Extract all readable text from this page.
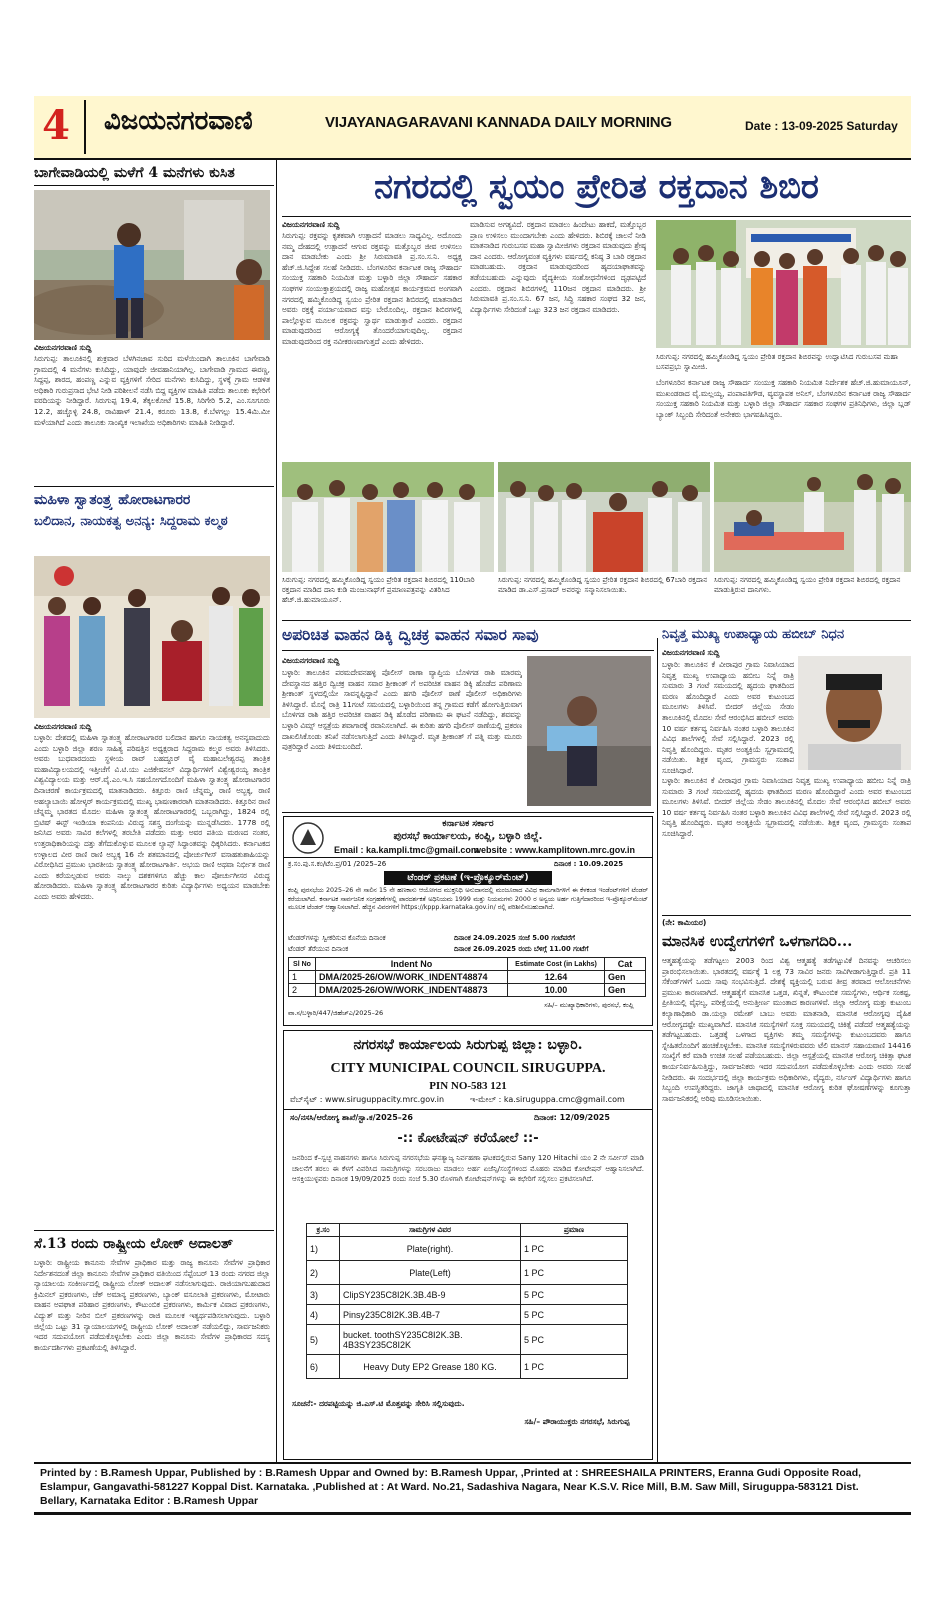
4 ವಿಜಯನಗರವಾಣಿ	VIJAYANAGARAVANI KANNADA DAILY MORNING	Date : 13-09-2025 Saturday
ಬಾಗೇವಾಡಿಯಲ್ಲಿ ಮಳೆಗೆ 4 ಮನೆಗಳು ಕುಸಿತ
ವಿಜಯನಗರವಾಣಿ ಸುದ್ದಿ
ಸಿರುಗುಪ್ಪ: ತಾಲೂಕಿನಲ್ಲಿ ಶುಕ್ರವಾರ ಬೆಳಗಿನಜಾವ ಸುರಿದ ಮಳೆಯಿಂದಾಗಿ ತಾಲೂಕಿನ ಬಾಗೇವಾಡಿ ಗ್ರಾಮದಲ್ಲಿ 4 ಮನೆಗಳು ಕುಸಿದಿದ್ದು, ಯಾವುದೇ ಜೀವಹಾನಿಯಾಗಿಲ್ಲ. ಬಾಗೇವಾಡಿ ಗ್ರಾಮದ ಈರಣ್ಣ, ಸಿದ್ದಪ್ಪ, ಶಾರದ, ಹಂಪಣ್ಣ ಎನ್ನುವ ವ್ಯಕ್ತಿಗಳಿಗೆ ಸೇರಿದ ಮನೆಗಳು ಕುಸಿದಿದ್ದು, ಸ್ಥಳಕ್ಕೆ ಗ್ರಾಮ ಆಡಳಿತ ಅಧಿಕಾರಿ ಗುರುಪ್ರಸಾದ ಭೇಟಿ ನೀಡಿ ಪರಿಶೀಲನೆ ನಡೆಸಿ ಬಿದ್ದ ವ್ಯಕ್ತಿಗಳ ಮಾಹಿತಿ ಪಡೆದು ತಾಲೂಕು ಕಛೇರಿಗೆ ವರದಿಯನ್ನು ನೀಡಿದ್ದಾರೆ. ಸಿರುಗುಪ್ಪ 19.4, ತೆಕ್ಕಲಕೋಟೆ 15.8, ಸಿರಿಗೇರಿ 5.2, ಎಂ.ಸೂಗೂರು 12.2, ಹಚ್ಚೊಳ್ಳಿ 24.8, ರಾವಿಹಾಳ್ 21.4, ಕರೂರು 13.8, ಕೆ.ಬೆಳಗಲ್ಲು 15.4ಮಿ.ಮೀ ಮಳೆಯಾಗಿದೆ ಎಂದು ತಾಲೂಕು ಸಾಂಖ್ಯಿಕ ಇಲಾಖೆಯ ಅಧಿಕಾರಿಗಳು ಮಾಹಿತಿ ನೀಡಿದ್ದಾರೆ.
ಮಹಿಳಾ ಸ್ವಾತಂತ್ರ್ಯ ಹೋರಾಟಗಾರರ
ಬಲಿದಾನ, ನಾಯಕತ್ವ ಅನನ್ಯ: ಸಿದ್ದರಾಮ ಕಲ್ಮಠ
ವಿಜಯನಗರವಾಣಿ ಸುದ್ದಿ
ಬಳ್ಳಾರಿ: ದೇಶದಲ್ಲಿ ಮಹಿಳಾ ಸ್ವಾತಂತ್ರ್ಯ ಹೋರಾಟಗಾರರ ಬಲಿದಾನ ಹಾಗೂ ನಾಯಕತ್ವ ಅನನ್ಯವಾದುದು ಎಂದು ಬಳ್ಳಾರಿ ಜಿಲ್ಲಾ ಶರಣ ಸಾಹಿತ್ಯ ಪರಿಷತ್ತಿನ ಅಧ್ಯಕ್ಷರಾದ ಸಿದ್ದರಾಮ ಕಲ್ಮಠ ಅವರು ತಿಳಿಸಿದರು. ಅವರು ಬುಧವಾರದಂದು ಸ್ಥಳೀಯ ರಾವ್ ಬಹದ್ದೂರ್ ವೈ ಮಹಾಬಲೇಶ್ವರಪ್ಪ ತಾಂತ್ರಿಕ ಮಹಾವಿದ್ಯಾಲಯದಲ್ಲಿ ಇತ್ತೀಚೆಗೆ ವಿ.ಟಿ.ಯು ಎಜಿಕೇಷನಲ್ ವಿದ್ಯಾರ್ಥಿಗಳಿಗೆ ವಿಶ್ವೇಶ್ವರಯ್ಯ ತಾಂತ್ರಿಕ ವಿಶ್ವವಿದ್ಯಾಲಯ ಮತ್ತು ಆರ್.ವೈ.ಎಂ.ಇ.ಸಿ ಸಹಯೋಗದೊಂದಿಗೆ ಮಹಿಳಾ ಸ್ವಾತಂತ್ರ್ಯ ಹೋರಾಟಗಾರರ ದಿನಾಚರಣೆ ಕಾರ್ಯಕ್ರಮದಲ್ಲಿ ಮಾತನಾಡಿದರು. ಕಿತ್ತೂರು ರಾಣಿ ಚೆನ್ನಮ್ಮ, ರಾಣಿ ಅಬ್ಬಕ್ಕ, ರಾಣಿ ಅಹಲ್ಯಾಬಾಯಿ ಹೋಳ್ಕರ್ ಕಾರ್ಯಕ್ರಮದಲ್ಲಿ ಮುಖ್ಯ ಭಾಷಣಕಾರರಾಗಿ ಮಾತನಾಡಿದರು. ಕಿತ್ತೂರಿನ ರಾಣಿ ಚೆನ್ನಮ್ಮ ಭಾರತದ ಮೊದಲ ಮಹಿಳಾ ಸ್ವಾತಂತ್ರ್ಯ ಹೋರಾಟಗಾರರಲ್ಲಿ ಒಬ್ಬರಾಗಿದ್ದು, 1824 ರಲ್ಲಿ ಬ್ರಿಟಿಷ್ ಈಸ್ಟ್ ಇಂಡಿಯಾ ಕಂಪನಿಯ ವಿರುದ್ಧ ಸಶಸ್ತ್ರ ದಂಗೆಯನ್ನು ಮುನ್ನಡೆಸಿದರು. 1778 ರಲ್ಲಿ ಜನಿಸಿದ ಅವರು ಸಾವಿರ ಕಲೆಗಳಲ್ಲಿ ತರಬೇತಿ ಪಡೆದರು ಮತ್ತು ಅವರ ಪತಿಯ ಮರಣದ ನಂತರ, ಉತ್ತರಾಧಿಕಾರಿಯನ್ನು ದತ್ತು ತೆಗೆದುಕೊಳ್ಳುವ ಮೂಲಕ ಲ್ಯಾಪ್ಸ್ ಸಿದ್ಧಾಂತವನ್ನು ಧಿಕ್ಕರಿಸಿದರು. ಕರ್ನಾಟಕದ ಉಳ್ಳಾಲದ ವೀರ ರಾಣಿ ರಾಣಿ ಅಬ್ಬಕ್ಕ 16 ನೇ ಶತಮಾನದಲ್ಲಿ ಪೋರ್ಚುಗೀಸ್ ವಸಾಹತುಶಾಹಿಯನ್ನು ವಿರೋಧಿಸಿದ ಪ್ರಮುಖ ಭಾರತೀಯ ಸ್ವಾತಂತ್ರ್ಯ ಹೋರಾಟಗಾರ್ತಿ. ಅಭಯ ರಾಣಿ ಅಥವಾ ನಿರ್ಭೀತ ರಾಣಿ ಎಂದು ಕರೆಯಲ್ಪಡುವ ಅವರು ನಾಲ್ಕು ದಶಕಗಳಿಗೂ ಹೆಚ್ಚು ಕಾಲ ಪೋರ್ಚುಗೀಸರ ವಿರುದ್ಧ ಹೋರಾಡಿದರು. ಮಹಿಳಾ ಸ್ವಾತಂತ್ರ್ಯ ಹೋರಾಟಗಾರರ ಕುರಿತು ವಿದ್ಯಾರ್ಥಿಗಳು ಅಧ್ಯಯನ ಮಾಡಬೇಕು ಎಂದು ಅವರು ಹೇಳಿದರು.
ಸೆ.13 ರಂದು ರಾಷ್ಟ್ರೀಯ ಲೋಕ್ ಅದಾಲತ್
ಬಳ್ಳಾರಿ: ರಾಷ್ಟ್ರೀಯ ಕಾನೂನು ಸೇವೆಗಳ ಪ್ರಾಧಿಕಾರ ಮತ್ತು ರಾಜ್ಯ ಕಾನೂನು ಸೇವೆಗಳ ಪ್ರಾಧಿಕಾರ ನಿರ್ದೇಶನದಂತೆ ಜಿಲ್ಲಾ ಕಾನೂನು ಸೇವೆಗಳ ಪ್ರಾಧಿಕಾರ ವತಿಯಿಂದ ಸೆಪ್ಟೆಂಬರ್ 13 ರಂದು ನಗರದ ಜಿಲ್ಲಾ ನ್ಯಾಯಾಲಯ ಸಂಕೀರ್ಣದಲ್ಲಿ ರಾಷ್ಟ್ರೀಯ ಲೋಕ್ ಅದಾಲತ್ ನಡೆಸಲಾಗುವುದು. ರಾಜಿಯಾಗಬಹುದಾದ ಕ್ರಿಮಿನಲ್ ಪ್ರಕರಣಗಳು, ಚೆಕ್ ಅಮಾನ್ಯ ಪ್ರಕರಣಗಳು, ಬ್ಯಾಂಕ್ ವಸೂಲಾತಿ ಪ್ರಕರಣಗಳು, ಮೋಟಾರು ವಾಹನ ಅಪಘಾತ ಪರಿಹಾರ ಪ್ರಕರಣಗಳು, ಕೌಟುಂಬಿಕ ಪ್ರಕರಣಗಳು, ಕಾರ್ಮಿಕ ವಿವಾದ ಪ್ರಕರಣಗಳು, ವಿದ್ಯುತ್ ಮತ್ತು ನೀರಿನ ಬಿಲ್ ಪ್ರಕರಣಗಳನ್ನು ರಾಜಿ ಮೂಲಕ ಇತ್ಯರ್ಥಪಡಿಸಲಾಗುವುದು. ಬಳ್ಳಾರಿ ಜಿಲ್ಲೆಯ ಒಟ್ಟು 31 ನ್ಯಾಯಾಲಯಗಳಲ್ಲಿ ರಾಷ್ಟ್ರೀಯ ಲೋಕ್ ಅದಾಲತ್ ನಡೆಯಲಿದ್ದು, ಸಾರ್ವಜನಿಕರು ಇದರ ಸದುಪಯೋಗ ಪಡೆದುಕೊಳ್ಳಬೇಕು ಎಂದು ಜಿಲ್ಲಾ ಕಾನೂನು ಸೇವೆಗಳ ಪ್ರಾಧಿಕಾರದ ಸದಸ್ಯ ಕಾರ್ಯದರ್ಶಿಗಳು ಪ್ರಕಟಣೆಯಲ್ಲಿ ತಿಳಿಸಿದ್ದಾರೆ.
ನಗರದಲ್ಲಿ ಸ್ವಯಂ ಪ್ರೇರಿತ ರಕ್ತದಾನ ಶಿಬಿರ
ವಿಜಯನಗರವಾಣಿ ಸುದ್ದಿ
ಸಿರುಗುಪ್ಪ: ರಕ್ತವನ್ನು ಕೃತಕವಾಗಿ ಉತ್ಪಾದನೆ ಮಾಡಲು ಸಾಧ್ಯವಿಲ್ಲ. ಅದೊಂದು ನಮ್ಮ ದೇಹದಲ್ಲಿ ಉತ್ಪಾದನೆ ಆಗುವ ರಕ್ತವನ್ನು ಮತ್ತೊಬ್ಬರ ಜೀವ ಉಳಿಸಲು ದಾನ ಮಾಡಬೇಕು ಎಂದು ಶ್ರೀ ಸಿರುಮಾವತಿ ಪ್ರ.ಸಂ.ಸ.ನಿ. ಅಧ್ಯಕ್ಷ ಹೆಚ್.ಜಿ.ಸಿದ್ದೇಶ ಸಲಹೆ ನೀಡಿದರು. ಬೆಂಗಳೂರಿನ ಕರ್ನಾಟಕ ರಾಜ್ಯ ಸೌಹಾರ್ದ ಸಂಯುಕ್ತ ಸಹಕಾರಿ ನಿಯಮಿತ ಮತ್ತು ಬಳ್ಳಾರಿ ಜಿಲ್ಲಾ ಸೌಹಾರ್ದ ಸಹಕಾರ ಸಂಘಗಳ ಸಂಯುಕ್ತಾಶ್ರಯದಲ್ಲಿ ರಾಜ್ಯ ಮಹೋತ್ಸವ ಕಾರ್ಯಕ್ರಮದ ಅಂಗವಾಗಿ ನಗರದಲ್ಲಿ ಹಮ್ಮಿಕೊಂಡಿದ್ದ ಸ್ವಯಂ ಪ್ರೇರಿತ ರಕ್ತದಾನ ಶಿಬಿರದಲ್ಲಿ ಮಾತನಾಡಿದ ಅವರು ರಕ್ತಕ್ಕೆ ಪರ್ಯಾಯವಾದ ವಸ್ತು ಬೇರೊಂದಿಲ್ಲ. ರಕ್ತದಾನ ಶಿಬಿರಗಳಲ್ಲಿ ಪಾಲ್ಗೊಳ್ಳುವ ಮೂಲಕ ರಕ್ತವನ್ನು ಸ್ವಾರ್ಥ ಮಾಡುತ್ತಾರೆ ಎಂದರು. ರಕ್ತದಾನ ಮಾಡುವುದರಿಂದ ಆರೋಗ್ಯಕ್ಕೆ ತೊಂದರೆಯಾಗುವುದಿಲ್ಲ. ರಕ್ತದಾನ ಮಾಡುವುದರಿಂದ ರಕ್ತ ನವೀಕರಣವಾಗುತ್ತದೆ ಎಂದು ಹೇಳಿದರು.
ಮಾಡಿಸುವ ಅಗತ್ಯವಿದೆ. ರಕ್ತದಾನ ಮಾಡಲು ಹಿಂದೇಟು ಹಾಕದೆ, ಮತ್ತೊಬ್ಬರ ಪ್ರಾಣ ಉಳಿಸಲು ಮುಂದಾಗಬೇಕು ಎಂದು ಹೇಳಿದರು. ಶಿಬಿರಕ್ಕೆ ಚಾಲನೆ ನೀಡಿ ಮಾತನಾಡಿದ ಗುರುಬಸವ ಮಹಾ ಸ್ವಾಮೀಜಿಗಳು ರಕ್ತದಾನ ಮಾಡುವುದು ಶ್ರೇಷ್ಠ ದಾನ ಎಂದರು. ಆರೋಗ್ಯವಂತ ವ್ಯಕ್ತಿಗಳು ವರ್ಷದಲ್ಲಿ ಕನಿಷ್ಠ 3 ಬಾರಿ ರಕ್ತದಾನ ಮಾಡಬಹುದು. ರಕ್ತದಾನ ಮಾಡುವುದರಿಂದ ಹೃದಯಾಘಾತವನ್ನು ತಡೆಯಬಹುದು ಎನ್ನುವುದು ವೈದ್ಯಕೀಯ ಸಂಶೋಧನೆಗಳಿಂದ ದೃಢಪಟ್ಟಿದೆ ಎಂದರು. ರಕ್ತದಾನ ಶಿಬಿರಗಳಲ್ಲಿ 110ಜನ ರಕ್ತದಾನ ಮಾಡಿದರು. ಶ್ರೀ ಸಿರುಮಾವತಿ ಪ್ರ.ಸಂ.ಸ.ನಿ. 67 ಜನ, ಸಿದ್ಧಿ ಸಹಕಾರ ಸಂಘದ 32 ಜನ, ವಿದ್ಯಾರ್ಥಿಗಳು ಸೇರಿದಂತೆ ಒಟ್ಟು 323 ಜನ ರಕ್ತದಾನ ಮಾಡಿದರು.
ಸಿರುಗುಪ್ಪ: ನಗರದಲ್ಲಿ ಹಮ್ಮಿಕೊಂಡಿದ್ದ ಸ್ವಯಂ ಪ್ರೇರಿತ ರಕ್ತದಾನ ಶಿಬಿರವನ್ನು ಉದ್ಘಾಟಿಸಿದ ಗುರುಬಸವ ಮಹಾ ಬಸವಪ್ರಭು ಸ್ವಾಮೀಜಿ.
ಬೆಂಗಳೂರಿನ ಕರ್ನಾಟಕ ರಾಜ್ಯ ಸೌಹಾರ್ದ ಸಂಯುಕ್ತ ಸಹಕಾರಿ ನಿಯಮಿತ ನಿರ್ದೇಶಕ ಹೆಚ್.ಜಿ.ಹುಮಾಯೂನ್, ಮುಖಂಡರಾದ ವೈ.ಮಲ್ಲಯ್ಯ, ಪಂಪಾಪತಿಗೌಡ, ವ್ಯವಸ್ಥಾಪಕ ಅನಿಲ್, ಬೆಂಗಳೂರಿನ ಕರ್ನಾಟಕ ರಾಜ್ಯ ಸೌಹಾರ್ದ ಸಂಯುಕ್ತ ಸಹಕಾರಿ ನಿಯಮಿತ ಮತ್ತು ಬಳ್ಳಾರಿ ಜಿಲ್ಲಾ ಸೌಹಾರ್ದ ಸಹಕಾರ ಸಂಘಗಳ ಪ್ರತಿನಿಧಿಗಳು, ಜಿಲ್ಲಾ ಬ್ಲಡ್ ಬ್ಯಾಂಕ್ ಸಿಬ್ಬಂದಿ ಸೇರಿದಂತೆ ಅನೇಕರು ಭಾಗವಹಿಸಿದ್ದರು.
ಸಿರುಗುಪ್ಪ: ನಗರದಲ್ಲಿ ಹಮ್ಮಿಕೊಂಡಿದ್ದ ಸ್ವಯಂ ಪ್ರೇರಿತ ರಕ್ತದಾನ ಶಿಬಿರದಲ್ಲಿ 110ಬಾರಿ ರಕ್ತದಾನ ಮಾಡಿದ ದಾನಿ ಕುಡಿ ಮಂಜುನಾಥ್‌ಗೆ ಪ್ರಮಾಣಪತ್ರವನ್ನು ವಿತರಿಸಿದ ಹೆಚ್.ಜಿ.ಹುಮಾಯೂನ್.
ಸಿರುಗುಪ್ಪ: ನಗರದಲ್ಲಿ ಹಮ್ಮಿಕೊಂಡಿದ್ದ ಸ್ವಯಂ ಪ್ರೇರಿತ ರಕ್ತದಾನ ಶಿಬಿರದಲ್ಲಿ 67ಬಾರಿ ರಕ್ತದಾನ ಮಾಡಿದ ಡಾ.ಎಸ್.ಪ್ರಸಾದ್ ಅವರನ್ನು ಸನ್ಮಾನಿಸಲಾಯಿತು.
ಸಿರುಗುಪ್ಪ: ನಗರದಲ್ಲಿ ಹಮ್ಮಿಕೊಂಡಿದ್ದ ಸ್ವಯಂ ಪ್ರೇರಿತ ರಕ್ತದಾನ ಶಿಬಿರದಲ್ಲಿ ರಕ್ತದಾನ ಮಾಡುತ್ತಿರುವ ದಾನಿಗಳು.
ಅಪರಿಚಿತ ವಾಹನ ಡಿಕ್ಕಿ ದ್ವಿಚಕ್ರ ವಾಹನ ಸವಾರ ಸಾವು
ವಿಜಯನಗರವಾಣಿ ಸುದ್ದಿ
ಬಳ್ಳಾರಿ: ತಾಲೂಕಿನ ಪರಮದೇವನಹಳ್ಳಿ ಪೊಲೀಸ್ ಠಾಣಾ ವ್ಯಾಪ್ತಿಯ ಬೊಳಿಗಡ ರಾಶಿ ಮಾರಮ್ಮ ದೇವಸ್ಥಾನದ ಹತ್ತಿರ ದ್ವಿಚಕ್ರ ವಾಹನ ಸವಾರ ಶ್ರೀಕಾಂತ್ ಗೆ ಅಪರಿಚಿತ ವಾಹನ ಡಿಕ್ಕಿ ಹೊಡೆದ ಪರಿಣಾಮ ಶ್ರೀಕಾಂತ್ ಸ್ಥಳದಲ್ಲಿಯೇ ಸಾವನ್ನಪ್ಪಿದ್ದಾನೆ ಎಂದು ಹಗರಿ ಪೊಲೀಸ್ ಠಾಣೆ ಪೊಲೀಸ್ ಅಧಿಕಾರಿಗಳು ತಿಳಿಸಿದ್ದಾರೆ. ಮೊನ್ನೆ ರಾತ್ರಿ 11ಗಂಟೆ ಸಮಯದಲ್ಲಿ ಬಳ್ಳಾರಿಯಿಂದ ತನ್ನ ಗ್ರಾಮದ ಕಡೆಗೆ ಹೋಗುತ್ತಿರುವಾಗ ಬೊಳಿಗಡ ರಾಶಿ ಹತ್ತಿರ ಅಪರಿಚಿತ ವಾಹನ ಡಿಕ್ಕಿ ಹೊಡೆದ ಪರಿಣಾಮ ಈ ಘಟನೆ ನಡೆದಿದ್ದು, ಶವವನ್ನು ಬಳ್ಳಾರಿ ವಿಮ್ಸ್ ಆಸ್ಪತ್ರೆಯ ಶವಾಗಾರಕ್ಕೆ ರವಾನಿಸಲಾಗಿದೆ. ಈ ಕುರಿತು ಹಗರಿ ಪೊಲೀಸ್ ಠಾಣೆಯಲ್ಲಿ ಪ್ರಕರಣ ದಾಖಲಿಸಿಕೊಂಡು ತನಿಖೆ ನಡೆಸಲಾಗುತ್ತಿದೆ ಎಂದು ತಿಳಿಸಿದ್ದಾರೆ. ಮೃತ ಶ್ರೀಕಾಂತ್ ಗೆ ಪತ್ನಿ ಮತ್ತು ಮೂರು ಪುತ್ರರಿದ್ದಾರೆ ಎಂದು ತಿಳಿದುಬಂದಿದೆ.
ಕರ್ನಾಟಕ ಸರ್ಕಾರ
ಪುರಸಭೆ ಕಾರ್ಯಾಲಯ, ಕಂಪ್ಲಿ, ಬಳ್ಳಾರಿ ಜಿಲ್ಲೆ.
Email : ka.kampli.tmc@gmail.com
website : www.kamplitown.mrc.gov.in
ಕ್ರ.ಸಂ.ಪು.ಸ.ಕಂ/ಟೆಂ.ಪ್ರ/01 /2025–26	ದಿನಾಂಕ : 10.09.2025
ಟೆಂಡರ್ ಪ್ರಕಟಣೆ (ಇ-ಪ್ರೊಕ್ಯೂರ್‌ಮೆಂಟ್)
ಕಂಪ್ಲಿ ಪುರಸಭೆಯ 2025–26 ನೇ ಸಾಲಿನ 15 ನೇ ಹಣಕಾಸು ಆಯೋಗದ ಮುಕ್ತನಿಧಿ ಅನುದಾನದಲ್ಲಿ ಮಂಜೂರಾದ ವಿವಿಧ ಕಾಮಗಾರಿಗಳಿಗೆ ಈ ಕೆಳಕಂಡ ಇಂಡೆಂಟ್‌ಗಳಿಗೆ ಟೆಂಡರ್ ಕರೆಯಲಾಗಿದೆ. ಕರ್ನಾಟಕ ಸಾರ್ವಜನಿಕ ಸಂಗ್ರಹಣೆಗಳಲ್ಲಿ ಪಾರದರ್ಶಕತೆ ಅಧಿನಿಯಮ 1999 ಮತ್ತು ನಿಯಮಗಳು 2000 ರ ಅನ್ವಯ ಅರ್ಹ ಗುತ್ತಿಗೆದಾರರಿಂದ ಇ-ಪ್ರೊಕ್ಯೂರ್‌ಮೆಂಟ್ ಮೂಲಕ ಟೆಂಡರ್ ಆಹ್ವಾನಿಸಲಾಗಿದೆ. ಹೆಚ್ಚಿನ ವಿವರಗಳಿಗೆ https://kppp.karnataka.gov.in/ ರಲ್ಲಿ ಪರಿಶೀಲಿಸಬಹುದಾಗಿದೆ.
ಟೆಂಡರ್‌ಗಳನ್ನು ಸ್ವೀಕರಿಸುವ ಕೊನೆಯ ದಿನಾಂಕ	ದಿನಾಂಕ 24.09.2025 ಸಂಜೆ 5.00 ಗಂಟೆವರೆಗೆ
ಟೆಂಡರ್ ತೆರೆಯುವ ದಿನಾಂಕ	ದಿನಾಂಕ 26.09.2025 ರಂದು ಬೆಳಿಗ್ಗೆ 11.00 ಗಂಟೆಗೆ
Sl No	Indent No	Estimate Cost (in Lakhs)	Cat
1	DMA/2025-26/OW/WORK_INDENT48874	12.64	Gen
2	DMA/2025-26/OW/WORK_INDENT48873	10.00	Gen
ವಾ.ಸ/ಬಳ್ಳಾರಿ/447/ಜಿಹೆಚ್‌ಎ/2025–26
ಸಹಿ/– ಮುಖ್ಯಾಧಿಕಾರಿಗಳು, ಪುರಸಭೆ, ಕಂಪ್ಲಿ
ನಗರಸಭೆ ಕಾರ್ಯಾಲಯ ಸಿರುಗುಪ್ಪ ಜಿಲ್ಲಾ: ಬಳ್ಳಾರಿ.
CITY MUNICIPAL COUNCIL SIRUGUPPA.
PIN NO-583 121
ವೆಬ್‌ಸೈಟ್ : www.siruguppacity.mrc.gov.in	ಇ-ಮೇಲ್ : ka.siruguppa.cmc@gmail.com
ಸಂ/ನಸಸಿ/ಆರೋಗ್ಯ ಶಾಖೆ/ಸ್ಟಾ.ಕ/2025–26	ದಿನಾಂಕ: 12/09/2025
-:: ಕೋಟೇಷನ್ ಕರೆಯೋಲೆ ::-
ಜನರಿಂದ ಕೆ–ಸ್ವಚ್ಛ ವಾಹನಗಳು ಹಾಗೂ ಸಿರುಗುಪ್ಪ ನಗರಸಭೆಯ ಘನತ್ಯಾಜ್ಯ ನಿರ್ವಹಣಾ ಘಟಕದಲ್ಲಿರುವ Sany 120 Hitachi ಯಂ 2 ನೇ ಸರ್ವೀಸ್ ಮಾಡಿ ಚಾಲನೆಗೆ ತರಲು ಈ ಕೆಳಗೆ ವಿವರಿಸಿದ ಸಾಮಗ್ರಿಗಳನ್ನು ಸರಬರಾಜು ಮಾಡಲು ಅರ್ಹ ಏಜೆನ್ಸಿ/ಸಂಸ್ಥೆಗಳಿಂದ ಮೊಹರು ಮಾಡಿದ ಕೋಟೇಷನ್ ಆಹ್ವಾನಿಸಲಾಗಿದೆ. ಆಸಕ್ತಿಯುಳ್ಳವರು ದಿನಾಂಕ 19/09/2025 ರಂದು ಸಂಜೆ 5.30 ರೊಳಗಾಗಿ ಕೋಟೇಷನ್‌ಗಳನ್ನು ಈ ಕಛೇರಿಗೆ ಸಲ್ಲಿಸಲು ಪ್ರಕಟಿಸಲಾಗಿದೆ.
ಕ್ರ.ಸಂ	ಸಾಮಗ್ರಿಗಳ ವಿವರ	ಪ್ರಮಾಣ
1)	Plate(right).	1 PC
2)	Plate(Left)	1 PC
3)	ClipSY235C8I2K.3B.4B-9	5 PC
4)	Pinsy235C8I2K.3B.4B-7	5 PC
5)	bucket. toothSY235C8I2K.3B. 4B3SY235C8I2K	5 PC
6)	Heavy Duty EP2 Grease 180 KG.	1 PC
ಸೂಚನೆ:- ದರಪಟ್ಟಿಯನ್ನು ಜಿ.ಎಸ್.ಟಿ ಮೊತ್ತವನ್ನು ಸೇರಿಸಿ ಸಲ್ಲಿಸುವುದು.
ಸಹಿ/– ಪೌರಾಯುಕ್ತರು ನಗರಸಭೆ, ಸಿರುಗುಪ್ಪ
ನಿವೃತ್ತ ಮುಖ್ಯ ಉಪಾಧ್ಯಾಯ ಹಬೀಬ್ ನಿಧನ
ವಿಜಯನಗರವಾಣಿ ಸುದ್ದಿ
ಬಳ್ಳಾರಿ: ತಾಲೂಕಿನ ಕೆ ವೀರಾಪುರ ಗ್ರಾಮ ನಿವಾಸಿಯಾದ ನಿವೃತ್ತ ಮುಖ್ಯ ಉಪಾಧ್ಯಾಯ ಹಬೀಬ ನಿನ್ನೆ ರಾತ್ರಿ ಸುಮಾರು 3 ಗಂಟೆ ಸಮಯದಲ್ಲಿ ಹೃದಯ ಘಾತದಿಂದ ಮರಣ ಹೊಂದಿದ್ದಾರೆ ಎಂದು ಅವರ ಕುಟುಂಬದ ಮೂಲಗಳು ತಿಳಿಸಿವೆ. ಬೀದರ್ ಜಿಲ್ಲೆಯ ಸೇಡಂ ತಾಲೂಕಿನಲ್ಲಿ ಮೊದಲ ಸೇವೆ ಆರಂಭಿಸಿದ ಹಬೀಬ್ ಅವರು 10 ವರ್ಷ ಕರ್ತವ್ಯ ನಿರ್ವಹಿಸಿ ನಂತರ ಬಳ್ಳಾರಿ ತಾಲೂಕಿನ ವಿವಿಧ ಶಾಲೆಗಳಲ್ಲಿ ಸೇವೆ ಸಲ್ಲಿಸಿದ್ದಾರೆ. 2023 ರಲ್ಲಿ ನಿವೃತ್ತಿ ಹೊಂದಿದ್ದರು. ಮೃತರ ಅಂತ್ಯಕ್ರಿಯೆ ಸ್ವಗ್ರಾಮದಲ್ಲಿ ನಡೆಯಿತು. ಶಿಕ್ಷಕ ವೃಂದ, ಗ್ರಾಮಸ್ಥರು ಸಂತಾಪ ಸೂಚಿಸಿದ್ದಾರೆ.
ಬಳ್ಳಾರಿ: ತಾಲೂಕಿನ ಕೆ ವೀರಾಪುರ ಗ್ರಾಮ ನಿವಾಸಿಯಾದ ನಿವೃತ್ತ ಮುಖ್ಯ ಉಪಾಧ್ಯಾಯ ಹಬೀಬ ನಿನ್ನೆ ರಾತ್ರಿ ಸುಮಾರು 3 ಗಂಟೆ ಸಮಯದಲ್ಲಿ ಹೃದಯ ಘಾತದಿಂದ ಮರಣ ಹೊಂದಿದ್ದಾರೆ ಎಂದು ಅವರ ಕುಟುಂಬದ ಮೂಲಗಳು ತಿಳಿಸಿವೆ. ಬೀದರ್ ಜಿಲ್ಲೆಯ ಸೇಡಂ ತಾಲೂಕಿನಲ್ಲಿ ಮೊದಲ ಸೇವೆ ಆರಂಭಿಸಿದ ಹಬೀಬ್ ಅವರು 10 ವರ್ಷ ಕರ್ತವ್ಯ ನಿರ್ವಹಿಸಿ ನಂತರ ಬಳ್ಳಾರಿ ತಾಲೂಕಿನ ವಿವಿಧ ಶಾಲೆಗಳಲ್ಲಿ ಸೇವೆ ಸಲ್ಲಿಸಿದ್ದಾರೆ. 2023 ರಲ್ಲಿ ನಿವೃತ್ತಿ ಹೊಂದಿದ್ದರು. ಮೃತರ ಅಂತ್ಯಕ್ರಿಯೆ ಸ್ವಗ್ರಾಮದಲ್ಲಿ ನಡೆಯಿತು. ಶಿಕ್ಷಕ ವೃಂದ, ಗ್ರಾಮಸ್ಥರು ಸಂತಾಪ ಸೂಚಿಸಿದ್ದಾರೆ.
(ನೇ: ಕಾಮಿಯರ)
ಮಾನಸಿಕ ಉದ್ವೇಗಗಳಿಗೆ ಒಳಗಾಗದಿರಿ...
ಆತ್ಮಹತ್ಯೆಯನ್ನು ತಡೆಗಟ್ಟಲು 2003 ರಿಂದ ವಿಶ್ವ ಆತ್ಮಹತ್ಯೆ ತಡೆಗಟ್ಟುವಿಕೆ ದಿನವನ್ನು ಆಚರಿಸಲು ಪ್ರಾರಂಭಿಸಲಾಯಿತು. ಭಾರತದಲ್ಲಿ ವರ್ಷಕ್ಕೆ 1 ಲಕ್ಷ 73 ಸಾವಿರ ಜನರು ಸಾವಿಗೀಡಾಗುತ್ತಿದ್ದಾರೆ. ಪ್ರತಿ 11 ಸೆಕೆಂಡ್‌ಗಳಿಗೆ ಒಂದು ಸಾವು ಸಂಭವಿಸುತ್ತಿದೆ. ದೇಶಕ್ಕೆ ವ್ಯಕ್ತಿಯಲ್ಲಿ ಬರುವ ತೀವ್ರ ತರವಾದ ಆಲೋಚನೆಗಳು ಪ್ರಮುಖ ಕಾರಣವಾಗಿದೆ. ಆತ್ಮಹತ್ಯೆಗೆ ಮಾನಸಿಕ ಒತ್ತಡ, ಖಿನ್ನತೆ, ಕೌಟುಂಬಿಕ ಸಮಸ್ಯೆಗಳು, ಆರ್ಥಿಕ ಸಂಕಷ್ಟ, ಪ್ರೀತಿಯಲ್ಲಿ ವೈಫಲ್ಯ, ಪರೀಕ್ಷೆಯಲ್ಲಿ ಅನುತ್ತೀರ್ಣ ಮುಂತಾದ ಕಾರಣಗಳಿವೆ. ಜಿಲ್ಲಾ ಆರೋಗ್ಯ ಮತ್ತು ಕುಟುಂಬ ಕಲ್ಯಾಣಾಧಿಕಾರಿ ಡಾ.ಯಲ್ಲಾ ರಮೇಶ್ ಬಾಬು ಅವರು ಮಾತನಾಡಿ, ಮಾನಸಿಕ ಆರೋಗ್ಯವು ದೈಹಿಕ ಆರೋಗ್ಯದಷ್ಟೇ ಮುಖ್ಯವಾಗಿದೆ. ಮಾನಸಿಕ ಸಮಸ್ಯೆಗಳಿಗೆ ಸೂಕ್ತ ಸಮಯದಲ್ಲಿ ಚಿಕಿತ್ಸೆ ಪಡೆದರೆ ಆತ್ಮಹತ್ಯೆಯನ್ನು ತಡೆಗಟ್ಟಬಹುದು. ಒತ್ತಡಕ್ಕೆ ಒಳಗಾದ ವ್ಯಕ್ತಿಗಳು ತಮ್ಮ ಸಮಸ್ಯೆಗಳನ್ನು ಕುಟುಂಬದವರು ಹಾಗೂ ಸ್ನೇಹಿತರೊಂದಿಗೆ ಹಂಚಿಕೊಳ್ಳಬೇಕು. ಮಾನಸಿಕ ಸಮಸ್ಯೆಗಳಿರುವವರು ಟೆಲಿ ಮಾನಸ್ ಸಹಾಯವಾಣಿ 14416 ಸಂಖ್ಯೆಗೆ ಕರೆ ಮಾಡಿ ಉಚಿತ ಸಲಹೆ ಪಡೆಯಬಹುದು. ಜಿಲ್ಲಾ ಆಸ್ಪತ್ರೆಯಲ್ಲಿ ಮಾನಸಿಕ ಆರೋಗ್ಯ ಚಿಕಿತ್ಸಾ ಘಟಕ ಕಾರ್ಯನಿರ್ವಹಿಸುತ್ತಿದ್ದು, ಸಾರ್ವಜನಿಕರು ಇದರ ಸದುಪಯೋಗ ಪಡೆದುಕೊಳ್ಳಬೇಕು ಎಂದು ಅವರು ಸಲಹೆ ನೀಡಿದರು. ಈ ಸಂದರ್ಭದಲ್ಲಿ ಜಿಲ್ಲಾ ಕಾರ್ಯಕ್ರಮ ಅಧಿಕಾರಿಗಳು, ವೈದ್ಯರು, ನರ್ಸಿಂಗ್ ವಿದ್ಯಾರ್ಥಿಗಳು ಹಾಗೂ ಸಿಬ್ಬಂದಿ ಉಪಸ್ಥಿತರಿದ್ದರು. ಜಾಗೃತಿ ಜಾಥಾದಲ್ಲಿ ಮಾನಸಿಕ ಆರೋಗ್ಯ ಕುರಿತ ಘೋಷಣೆಗಳನ್ನು ಕೂಗುತ್ತಾ ಸಾರ್ವಜನಿಕರಲ್ಲಿ ಅರಿವು ಮೂಡಿಸಲಾಯಿತು.
Printed by : B.Ramesh Uppar, Published by : B.Ramesh Uppar and Owned by: B.Ramesh Uppar, ,Printed at : SHREESHAILA PRINTERS, Eranna Gudi Opposite Road,
Eslampur, Gangavathi-581227 Koppal Dist. Karnataka. ,Published at : At Ward. No.21, Sadashiva Nagara, Near K.S.V. Rice Mill, B.M. Saw Mill, Siruguppa-583121 Dist.
Bellary, Karnataka Editor : B.Ramesh Uppar
